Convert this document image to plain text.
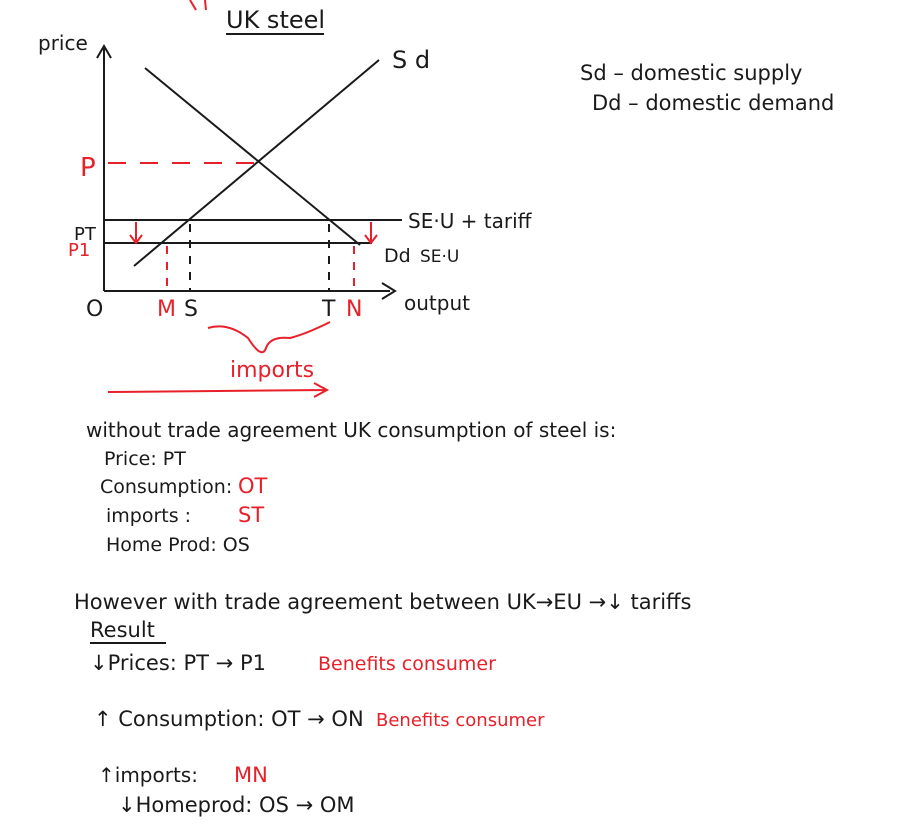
UK steel
price
output
O
S d
SE·U + tariff
Dd SE·U
P
PT
P1
M S	T N
imports
Sd – domestic supply
Dd – domestic demand
without trade agreement UK consumption of steel is:
Price: PT
Consumption: OT
imports : ST
Home Prod: OS
However with trade agreement between UK→EU →↓ tariffs
Result
↓Prices: PT → P1	Benefits consumer
↑ Consumption: OT → ON Benefits consumer
↑imports: MN
↓Homeprod: OS → OM
